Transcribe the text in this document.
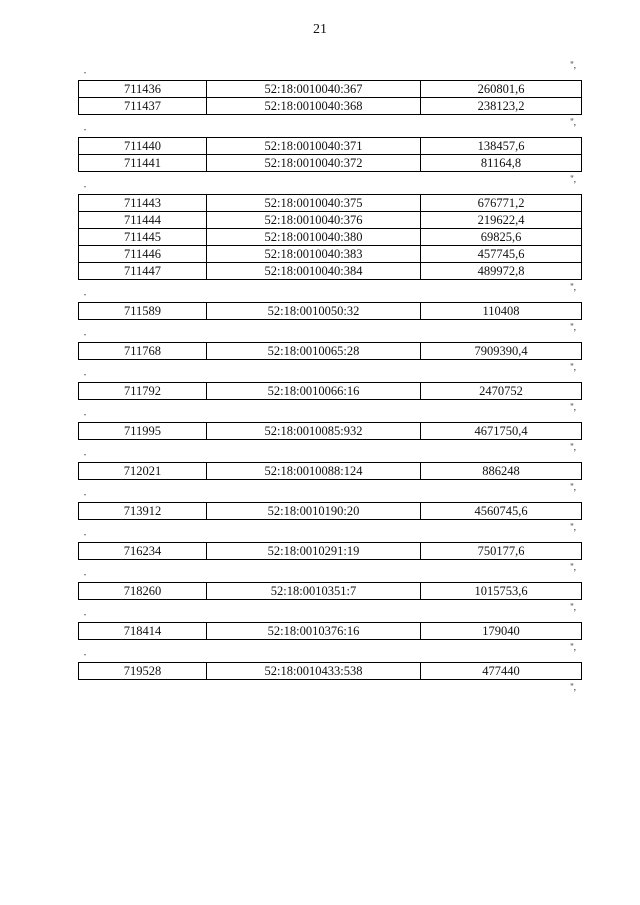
21
",
"
711436	52:18:0010040:367	260801,6
711437	52:18:0010040:368	238123,2
",
"
711440	52:18:0010040:371	138457,6
711441	52:18:0010040:372	81164,8
",
"
711443	52:18:0010040:375	676771,2
711444	52:18:0010040:376	219622,4
711445	52:18:0010040:380	69825,6
711446	52:18:0010040:383	457745,6
711447	52:18:0010040:384	489972,8
",
"
711589	52:18:0010050:32	110408
",
"
711768	52:18:0010065:28	7909390,4
",
"
711792	52:18:0010066:16	2470752
",
"
711995	52:18:0010085:932	4671750,4
",
"
712021	52:18:0010088:124	886248
",
"
713912	52:18:0010190:20	4560745,6
",
"
716234	52:18:0010291:19	750177,6
",
"
718260	52:18:0010351:7	1015753,6
",
"
718414	52:18:0010376:16	179040
",
"
719528	52:18:0010433:538	477440
",
